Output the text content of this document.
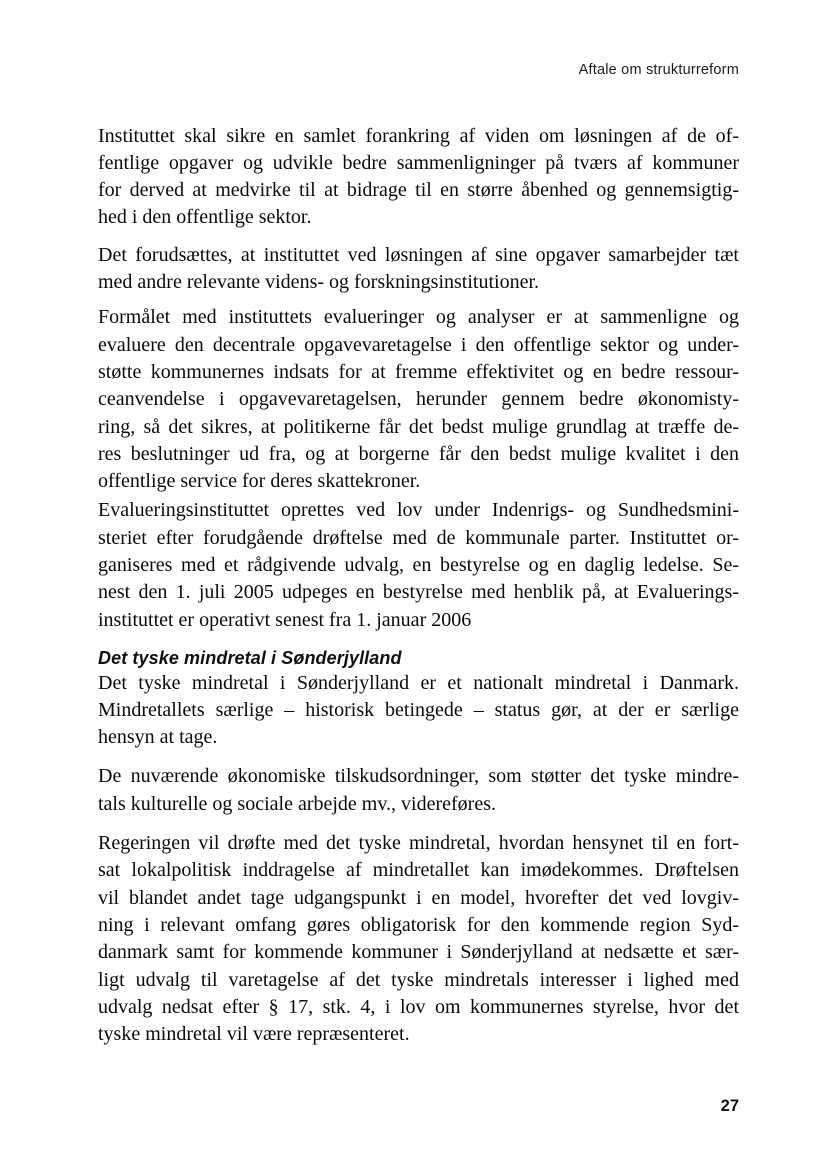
Aftale om strukturreform
Instituttet skal sikre en samlet forankring af viden om løsningen af de of-
fentlige opgaver og udvikle bedre sammenligninger på tværs af kommuner
for derved at medvirke til at bidrage til en større åbenhed og gennemsigtig-
hed i den offentlige sektor.
Det forudsættes, at instituttet ved løsningen af sine opgaver samarbejder tæt
med andre relevante videns- og forskningsinstitutioner.
Formålet med instituttets evalueringer og analyser er at sammenligne og
evaluere den decentrale opgavevaretagelse i den offentlige sektor og under-
støtte kommunernes indsats for at fremme effektivitet og en bedre ressour-
ceanvendelse i opgavevaretagelsen, herunder gennem bedre økonomisty-
ring, så det sikres, at politikerne får det bedst mulige grundlag at træffe de-
res beslutninger ud fra, og at borgerne får den bedst mulige kvalitet i den
offentlige service for deres skattekroner.
Evalueringsinstituttet oprettes ved lov under Indenrigs- og Sundhedsmini-
steriet efter forudgående drøftelse med de kommunale parter. Instituttet or-
ganiseres med et rådgivende udvalg, en bestyrelse og en daglig ledelse. Se-
nest den 1. juli 2005 udpeges en bestyrelse med henblik på, at Evaluerings-
instituttet er operativt senest fra 1. januar 2006
Det tyske mindretal i Sønderjylland
Det tyske mindretal i Sønderjylland er et nationalt mindretal i Danmark.
Mindretallets særlige – historisk betingede – status gør, at der er særlige
hensyn at tage.
De nuværende økonomiske tilskudsordninger, som støtter det tyske mindre-
tals kulturelle og sociale arbejde mv., videreføres.
Regeringen vil drøfte med det tyske mindretal, hvordan hensynet til en fort-
sat lokalpolitisk inddragelse af mindretallet kan imødekommes. Drøftelsen
vil blandet andet tage udgangspunkt i en model, hvorefter det ved lovgiv-
ning i relevant omfang gøres obligatorisk for den kommende region Syd-
danmark samt for kommende kommuner i Sønderjylland at nedsætte et sær-
ligt udvalg til varetagelse af det tyske mindretals interesser i lighed med
udvalg nedsat efter § 17, stk. 4, i lov om kommunernes styrelse, hvor det
tyske mindretal vil være repræsenteret.
27
